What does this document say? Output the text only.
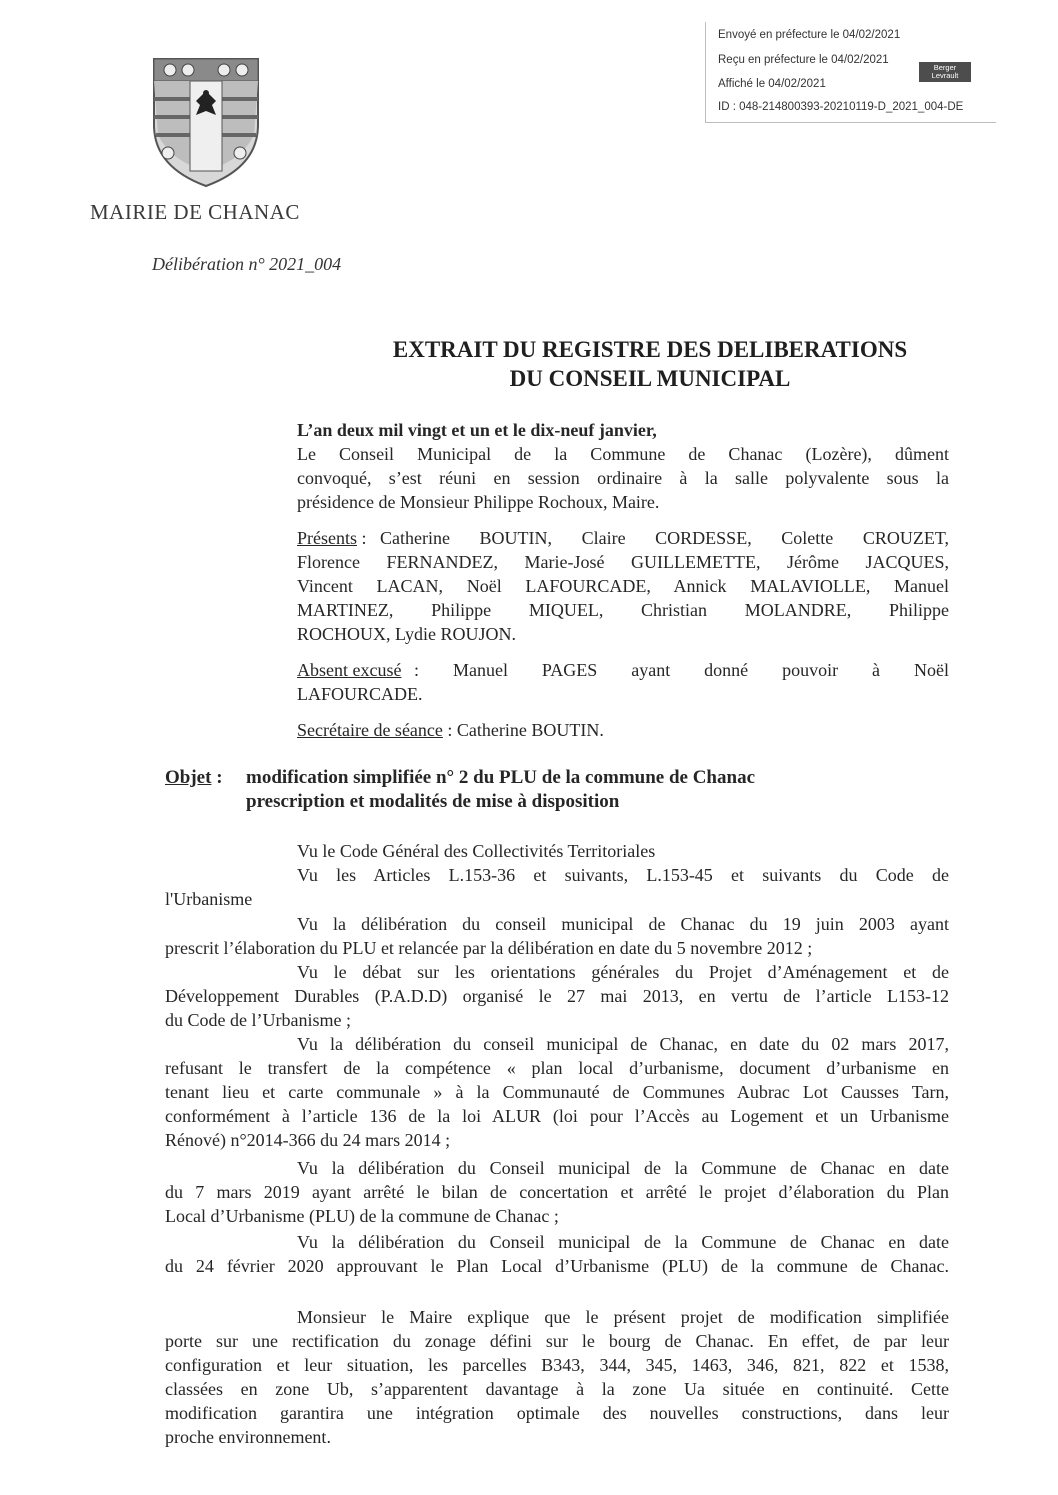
Envoyé en préfecture le 04/02/2021
Reçu en préfecture le 04/02/2021
Affiché le 04/02/2021
ID : 048-214800393-20210119-D_2021_004-DE
Berger
Levrault
MAIRIE DE CHANAC
Délibération n° 2021_004
EXTRAIT DU REGISTRE DES DELIBERATIONS
DU CONSEIL MUNICIPAL
L’an deux mil vingt et un et le dix-neuf janvier,
Le Conseil Municipal de la Commune de Chanac (Lozère), dûment
convoqué, s’est réuni en session ordinaire à la salle polyvalente sous la
présidence de Monsieur Philippe Rochoux, Maire.
Présents : Catherine BOUTIN, Claire CORDESSE, Colette CROUZET,
Florence FERNANDEZ, Marie-José GUILLEMETTE, Jérôme JACQUES,
Vincent LACAN, Noël LAFOURCADE, Annick MALAVIOLLE, Manuel
MARTINEZ, Philippe MIQUEL, Christian MOLANDRE, Philippe
ROCHOUX, Lydie ROUJON.
Absent excusé : Manuel PAGES ayant donné pouvoir à Noël
LAFOURCADE.
Secrétaire de séance : Catherine BOUTIN.
Objet : modification simplifiée n° 2 du PLU de la commune de Chanac
prescription et modalités de mise à disposition
Vu le Code Général des Collectivités Territoriales
Vu les Articles L.153-36 et suivants, L.153-45 et suivants du Code de
l'Urbanisme
Vu la délibération du conseil municipal de Chanac du 19 juin 2003 ayant
prescrit l’élaboration du PLU et relancée par la délibération en date du 5 novembre 2012 ;
Vu le débat sur les orientations générales du Projet d’Aménagement et de
Développement Durables (P.A.D.D) organisé le 27 mai 2013, en vertu de l’article L153-12
du Code de l’Urbanisme ;
Vu la délibération du conseil municipal de Chanac, en date du 02 mars 2017,
refusant le transfert de la compétence « plan local d’urbanisme, document d’urbanisme en
tenant lieu et carte communale » à la Communauté de Communes Aubrac Lot Causses Tarn,
conformément à l’article 136 de la loi ALUR (loi pour l’Accès au Logement et un Urbanisme
Rénové) n°2014-366 du 24 mars 2014 ;
Vu la délibération du Conseil municipal de la Commune de Chanac en date
du 7 mars 2019 ayant arrêté le bilan de concertation et arrêté le projet d’élaboration du Plan
Local d’Urbanisme (PLU) de la commune de Chanac ;
Vu la délibération du Conseil municipal de la Commune de Chanac en date
du 24 février 2020 approuvant le Plan Local d’Urbanisme (PLU) de la commune de Chanac.
Monsieur le Maire explique que le présent projet de modification simplifiée
porte sur une rectification du zonage défini sur le bourg de Chanac. En effet, de par leur
configuration et leur situation, les parcelles B343, 344, 345, 1463, 346, 821, 822 et 1538,
classées en zone Ub, s’apparentent davantage à la zone Ua située en continuité. Cette
modification garantira une intégration optimale des nouvelles constructions, dans leur
proche environnement.
